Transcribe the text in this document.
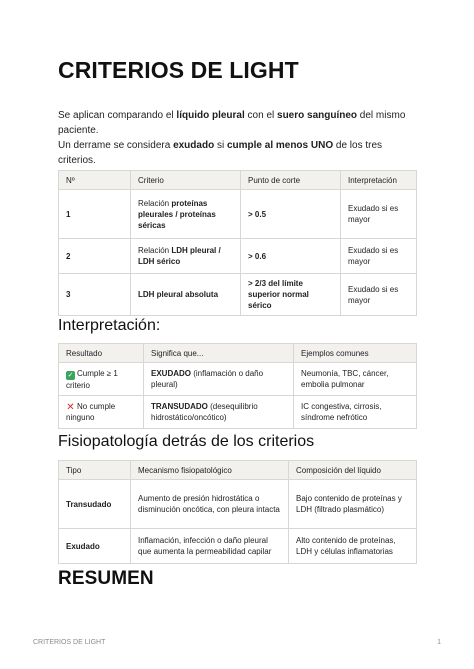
CRITERIOS DE LIGHT

Se aplican comparando el líquido pleural con el suero sanguíneo del mismo paciente.

Un derrame se considera exudado si cumple al menos UNO de los tres criterios.

Nº	Criterio	Punto de corte	Interpretación
1	Relación proteínas pleurales / proteínas séricas	> 0.5	Exudado si es mayor
2	Relación LDH pleural / LDH sérico	> 0.6	Exudado si es mayor
3	LDH pleural absoluta	> 2/3 del límite superior normal sérico	Exudado si es mayor
Interpretación:
Resultado	Significa que...	Ejemplos comunes
✓ Cumple ≥ 1 criterio	EXUDADO (inflamación o daño pleural)	Neumonía, TBC, cáncer, embolia pulmonar
✕ No cumple ninguno	TRANSUDADO (desequilibrio hidrostático/oncótico)	IC congestiva, cirrosis, síndrome nefrótico
Fisiopatología detrás de los criterios
Tipo	Mecanismo fisiopatológico	Composición del líquido
Transudado	Aumento de presión hidrostática o disminución oncótica, con pleura intacta	Bajo contenido de proteínas y LDH (filtrado plasmático)
Exudado	Inflamación, infección o daño pleural que aumenta la permeabilidad capilar	Alto contenido de proteínas, LDH y células inflamatorias
RESUMEN
CRITERIOS DE LIGHT	1
